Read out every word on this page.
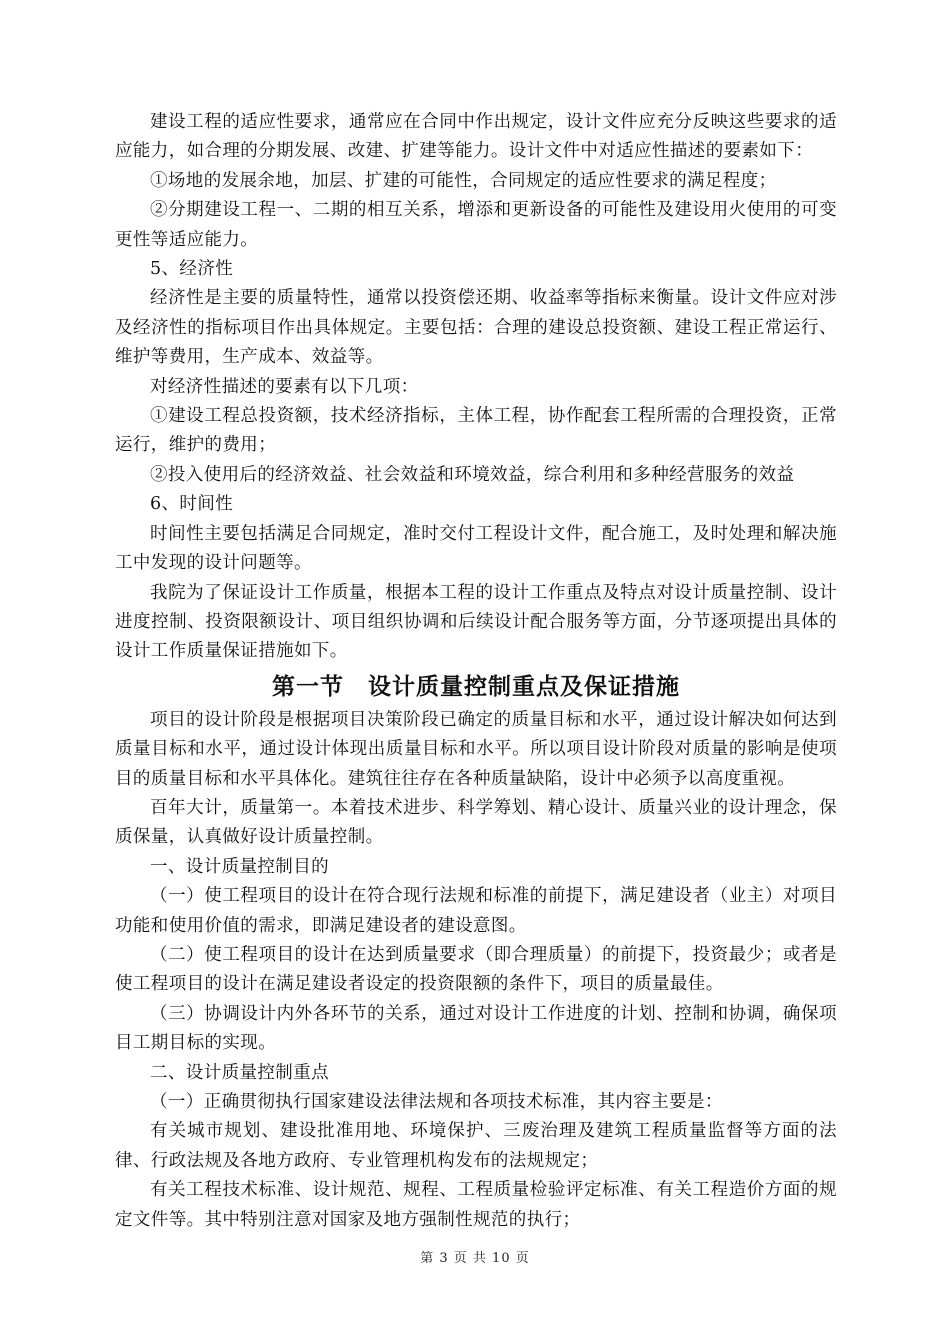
建设工程的适应性要求，通常应在合同中作出规定，设计文件应充分反映这些要求的适应能力，如合理的分期发展、改建、扩建等能力。设计文件中对适应性描述的要素如下：

①场地的发展余地，加层、扩建的可能性，合同规定的适应性要求的满足程度；

②分期建设工程一、二期的相互关系，增添和更新设备的可能性及建设用火使用的可变更性等适应能力。

5、经济性

经济性是主要的质量特性，通常以投资偿还期、收益率等指标来衡量。设计文件应对涉及经济性的指标项目作出具体规定。主要包括：合理的建设总投资额、建设工程正常运行、维护等费用，生产成本、效益等。

对经济性描述的要素有以下几项：

①建设工程总投资额，技术经济指标，主体工程，协作配套工程所需的合理投资，正常运行，维护的费用；

②投入使用后的经济效益、社会效益和环境效益，综合利用和多种经营服务的效益

6、时间性

时间性主要包括满足合同规定，准时交付工程设计文件，配合施工，及时处理和解决施工中发现的设计问题等。

我院为了保证设计工作质量，根据本工程的设计工作重点及特点对设计质量控制、设计进度控制、投资限额设计、项目组织协调和后续设计配合服务等方面，分节逐项提出具体的设计工作质量保证措施如下。

第一节　设计质量控制重点及保证措施

项目的设计阶段是根据项目决策阶段已确定的质量目标和水平，通过设计解决如何达到质量目标和水平，通过设计体现出质量目标和水平。所以项目设计阶段对质量的影响是使项目的质量目标和水平具体化。建筑往往存在各种质量缺陷，设计中必须予以高度重视。

百年大计，质量第一。本着技术进步、科学筹划、精心设计、质量兴业的设计理念，保质保量，认真做好设计质量控制。

一、设计质量控制目的

（一）使工程项目的设计在符合现行法规和标准的前提下，满足建设者（业主）对项目功能和使用价值的需求，即满足建设者的建设意图。

（二）使工程项目的设计在达到质量要求（即合理质量）的前提下，投资最少；或者是使工程项目的设计在满足建设者设定的投资限额的条件下，项目的质量最佳。

（三）协调设计内外各环节的关系，通过对设计工作进度的计划、控制和协调，确保项目工期目标的实现。

二、设计质量控制重点

（一）正确贯彻执行国家建设法律法规和各项技术标准，其内容主要是：

有关城市规划、建设批准用地、环境保护、三废治理及建筑工程质量监督等方面的法律、行政法规及各地方政府、专业管理机构发布的法规规定；

有关工程技术标准、设计规范、规程、工程质量检验评定标准、有关工程造价方面的规定文件等。其中特别注意对国家及地方强制性规范的执行；

第 3 页 共 10 页
